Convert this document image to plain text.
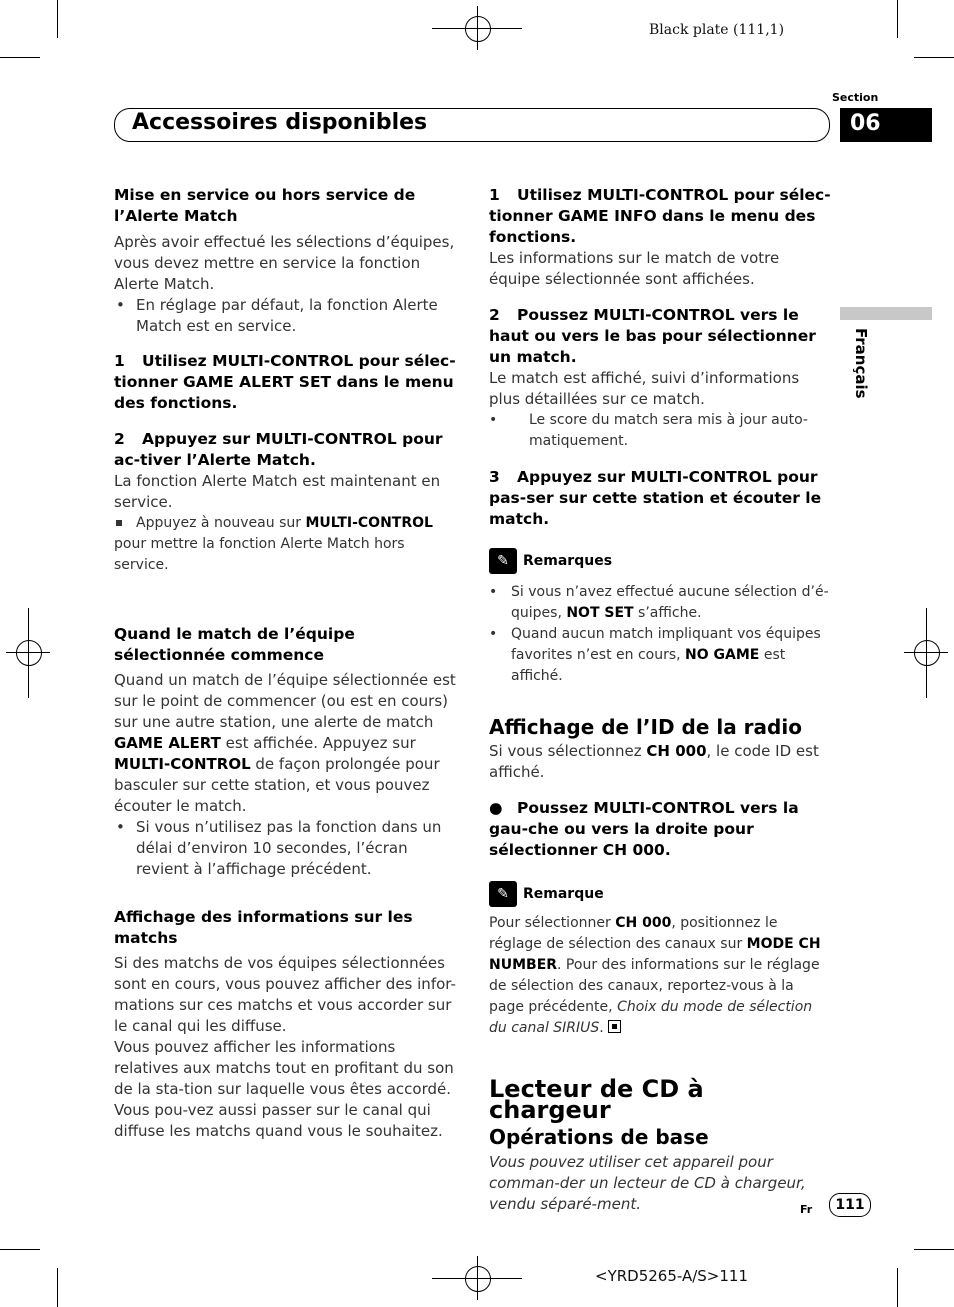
Black plate (111,1)
Accessoires disponibles
Section
06
Français

Mise en service ou hors service de l’Alerte Match

Après avoir effectué les sélections d’équipes, vous devez mettre en service la fonction Alerte Match.

• En réglage par défaut, la fonction Alerte Match est en service.

1 Utilisez MULTI-CONTROL pour sélec-tionner GAME ALERT SET dans le menu des fonctions.

2 Appuyez sur MULTI-CONTROL pour ac-tiver l’Alerte Match.

La fonction Alerte Match est maintenant en service.

Appuyez à nouveau sur MULTI-CONTROL

pour mettre la fonction Alerte Match hors service.

Quand le match de l’équipe sélectionnée commence

Quand un match de l’équipe sélectionnée est sur le point de commencer (ou est en cours) sur une autre station, une alerte de match GAME ALERT est affichée. Appuyez sur MULTI-CONTROL de façon prolongée pour basculer sur cette station, et vous pouvez écouter le match.

• Si vous n’utilisez pas la fonction dans un délai d’environ 10 secondes, l’écran revient à l’affichage précédent.

Affichage des informations sur les matchs

Si des matchs de vos équipes sélectionnées sont en cours, vous pouvez afficher des infor-mations sur ces matchs et vous accorder sur le canal qui les diffuse.

Vous pouvez afficher les informations relatives aux matchs tout en profitant du son de la sta-tion sur laquelle vous êtes accordé. Vous pou-vez aussi passer sur le canal qui diffuse les matchs quand vous le souhaitez.

1 Utilisez MULTI-CONTROL pour sélec-tionner GAME INFO dans le menu des fonctions.

Les informations sur le match de votre équipe sélectionnée sont affichées.

2 Poussez MULTI-CONTROL vers le haut ou vers le bas pour sélectionner un match.

Le match est affiché, suivi d’informations plus détaillées sur ce match.

• Le score du match sera mis à jour auto-matiquement.

3 Appuyez sur MULTI-CONTROL pour pas-ser sur cette station et écouter le match.

✎	Remarques
• Si vous n’avez effectué aucune sélection d’é-quipes, NOT SET s’affiche.
• Quand aucun match impliquant vos équipes favorites n’est en cours, NO GAME est affiché.

Affichage de l’ID de la radio

Si vous sélectionnez CH 000, le code ID est affiché.

● Poussez MULTI-CONTROL vers la gau-che ou vers la droite pour sélectionner CH 000.

✎	Remarque

Pour sélectionner CH 000, positionnez le réglage de sélection des canaux sur MODE CH NUMBER. Pour des informations sur le réglage de sélection des canaux, reportez-vous à la page précédente, Choix du mode de sélection du canal SIRIUS.

Lecteur de CD à chargeur

Opérations de base

Vous pouvez utiliser cet appareil pour comman-der un lecteur de CD à chargeur, vendu séparé-ment.	Fr	111
<YRD5265-A/S>111
